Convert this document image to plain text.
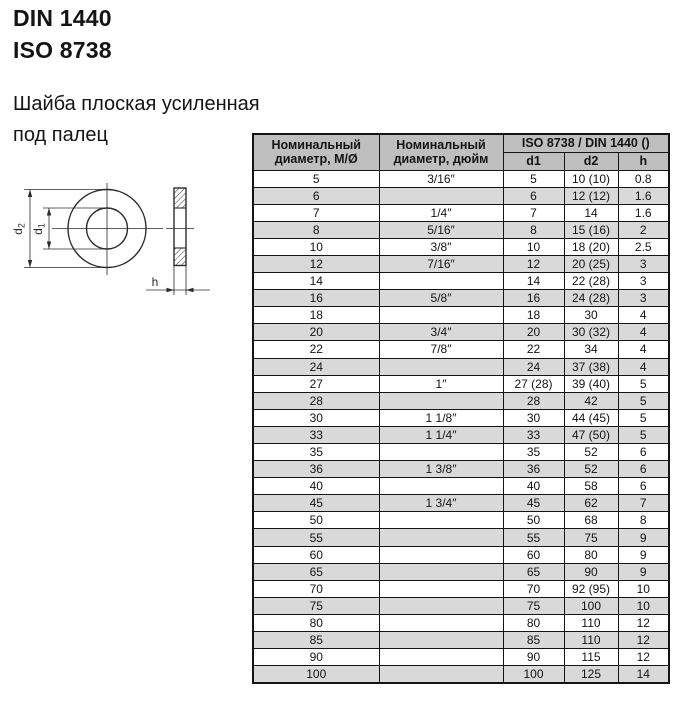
DIN 1440
ISO 8738
Шайба плоская усиленная
под палец
$d_2$
$d_1$
h
Номинальный диаметр, М/Ø	Номинальный диаметр, дюйм	ISO 8738 / DIN 1440 ()		
		d1	d2	h
5	3/16″	5	10 (10)	0.8
6		6	12 (12)	1.6
7	1/4″	7	14	1.6
8	5/16″	8	15 (16)	2
10	3/8″	10	18 (20)	2.5
12	7/16″	12	20 (25)	3
14		14	22 (28)	3
16	5/8″	16	24 (28)	3
18		18	30	4
20	3/4″	20	30 (32)	4
22	7/8″	22	34	4
24		24	37 (38)	4
27	1″	27 (28)	39 (40)	5
28		28	42	5
30	1 1/8″	30	44 (45)	5
33	1 1/4″	33	47 (50)	5
35		35	52	6
36	1 3/8″	36	52	6
40		40	58	6
45	1 3/4″	45	62	7
50		50	68	8
55		55	75	9
60		60	80	9
65		65	90	9
70		70	92 (95)	10
75		75	100	10
80		80	110	12
85		85	110	12
90		90	115	12
100		100	125	14
